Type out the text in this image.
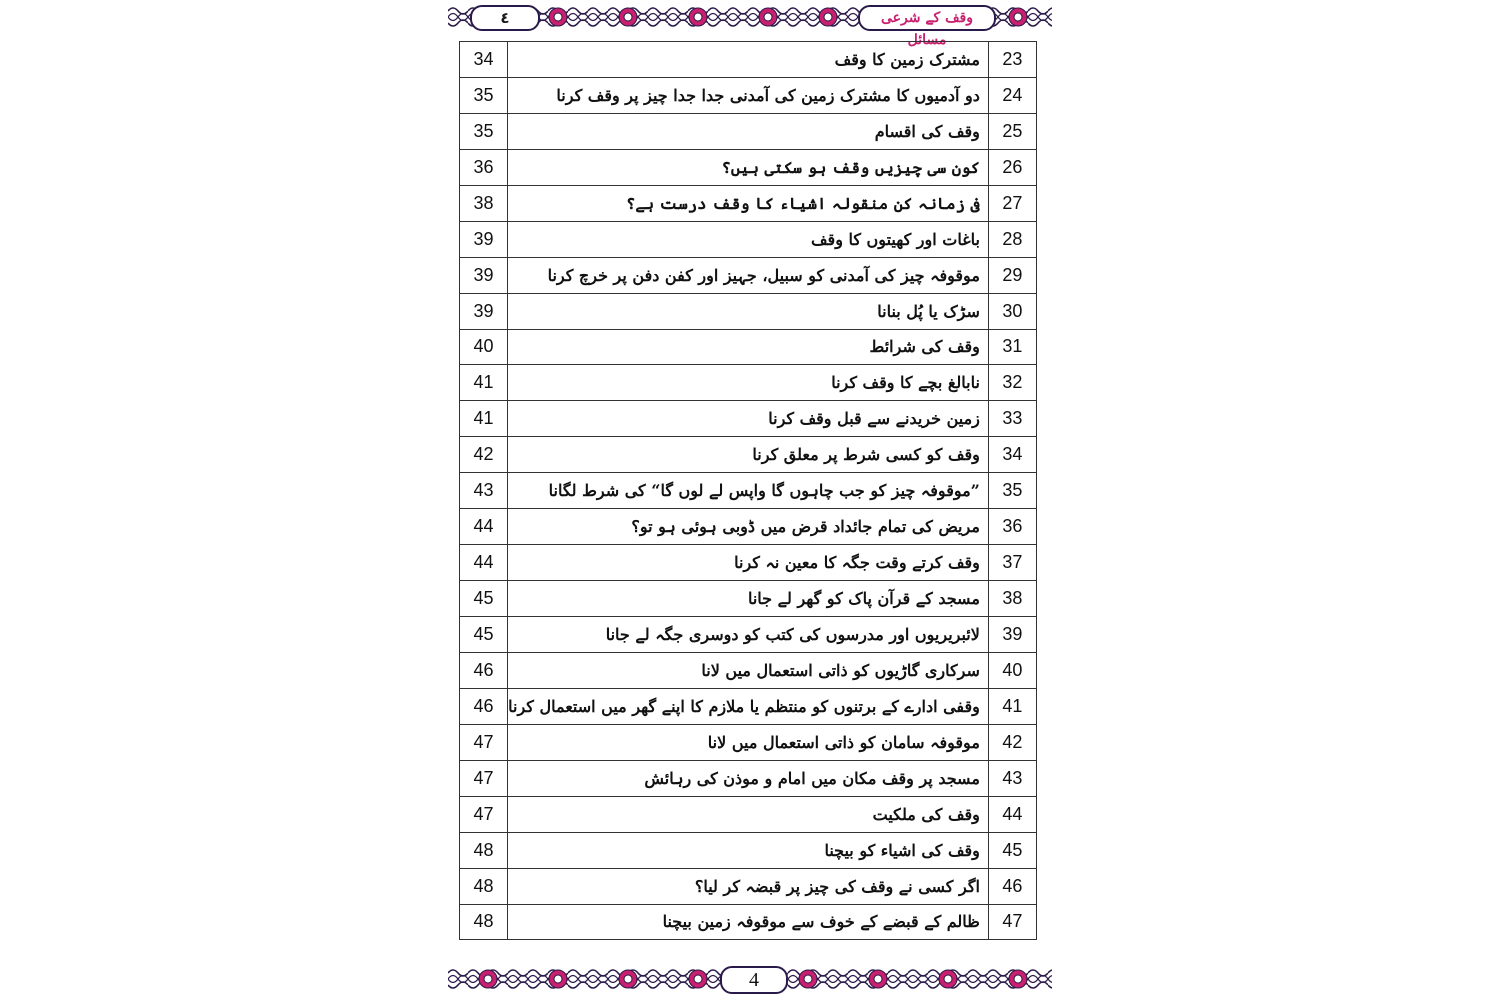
٤	وقف کے شرعی مسائل
34	مشترک زمین کا وقف	23
35	دو آدمیوں کا مشترک زمین کی آمدنی جدا جدا چیز پر وقف کرنا	24
35	وقف کی اقسام	25
36	کون سی چیزیں وقف ہو سکتی ہیں؟	26
38	فی زمانہ کن منقولہ اشیاء کا وقف درست ہے؟	27
39	باغات اور کھیتوں کا وقف	28
39	موقوفہ چیز کی آمدنی کو سبیل، جہیز اور کفن دفن پر خرچ کرنا	29
39	سڑک یا پُل بنانا	30
40	وقف کی شرائط	31
41	نابالغ بچے کا وقف کرنا	32
41	زمین خریدنے سے قبل وقف کرنا	33
42	وقف کو کسی شرط پر معلق کرنا	34
43	”موقوفہ چیز کو جب چاہوں گا واپس لے لوں گا“ کی شرط لگانا	35
44	مریض کی تمام جائداد قرض میں ڈوبی ہوئی ہو تو؟	36
44	وقف کرتے وقت جگہ کا معین نہ کرنا	37
45	مسجد کے قرآن پاک کو گھر لے جانا	38
45	لائبریریوں اور مدرسوں کی کتب کو دوسری جگہ لے جانا	39
46	سرکاری گاڑیوں کو ذاتی استعمال میں لانا	40
46	وقفی ادارے کے برتنوں کو منتظم یا ملازم کا اپنے گھر میں استعمال کرنا	41
47	موقوفہ سامان کو ذاتی استعمال میں لانا	42
47	مسجد پر وقف مکان میں امام و موذن کی رہائش	43
47	وقف کی ملکیت	44
48	وقف کی اشیاء کو بیچنا	45
48	اگر کسی نے وقف کی چیز پر قبضہ کر لیا؟	46
48	ظالم کے قبضے کے خوف سے موقوفہ زمین بیچنا	47
4
